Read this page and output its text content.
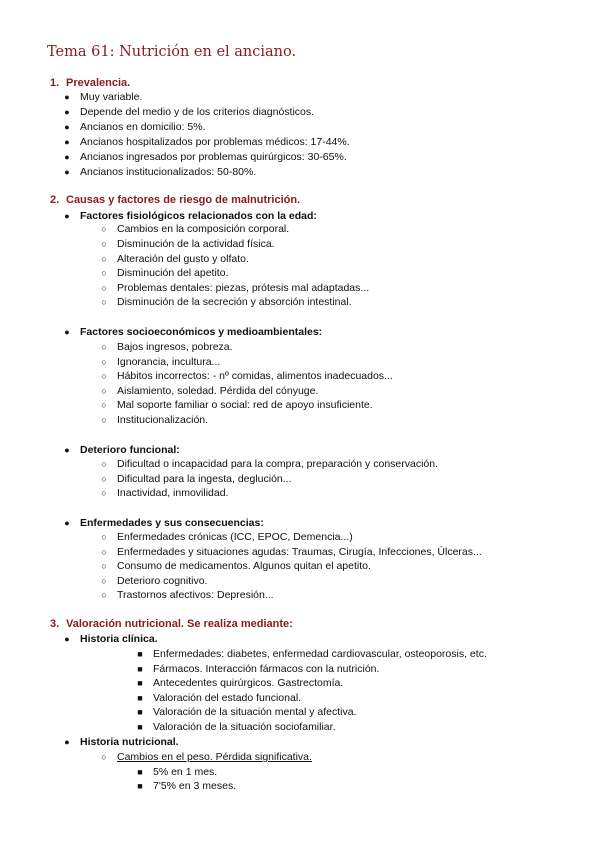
Tema 61: Nutrición en el anciano.
1. Prevalencia.
● Muy variable.
● Depende del medio y de los criterios diagnósticos.
● Ancianos en domicilio: 5%.
● Ancianos hospitalizados por problemas médicos: 17-44%.
● Ancianos ingresados por problemas quirúrgicos: 30-65%.
● Ancianos institucionalizados: 50-80%.
2. Causas y factores de riesgo de malnutrición.
● Factores fisiológicos relacionados con la edad:
○ Cambios en la composición corporal.
○ Disminución de la actividad física.
○ Alteración del gusto y olfato.
○ Disminución del apetito.
○ Problemas dentales: piezas, prótesis mal adaptadas...
○ Disminución de la secreción y absorción intestinal.
● Factores socioeconómicos y medioambientales:
○ Bajos ingresos, pobreza.
○ Ignorancia, incultura...
○ Hábitos incorrectos: - nº comidas, alimentos inadecuados...
○ Aislamiento, soledad. Pérdida del cónyuge.
○ Mal soporte familiar o social: red de apoyo insuficiente.
○ Institucionalización.
● Deterioro funcional:
○ Dificultad o incapacidad para la compra, preparación y conservación.
○ Dificultad para la ingesta, deglución...
○ Inactividad, inmovilidad.
● Enfermedades y sus consecuencias:
○ Enfermedades crónicas (ICC, EPOC, Demencia...)
○ Enfermedades y situaciones agudas: Traumas, Cirugía, Infecciones, Úlceras...
○ Consumo de medicamentos. Algunos quitan el apetito.
○ Deterioro cognitivo.
○ Trastornos afectivos: Depresión...
3. Valoración nutricional. Se realiza mediante:
● Historia clínica.
■ Enfermedades: diabetes, enfermedad cardiovascular, osteoporosis, etc.
■ Fármacos. Interacción fármacos con la nutrición.
■ Antecedentes quirúrgicos. Gastrectomía.
■ Valoración del estado funcional.
■ Valoración de la situación mental y afectiva.
■ Valoración de la situación sociofamiliar.
● Historia nutricional.
○ Cambios en el peso. Pérdida significativa.
■ 5% en 1 mes.
■ 7'5% en 3 meses.
